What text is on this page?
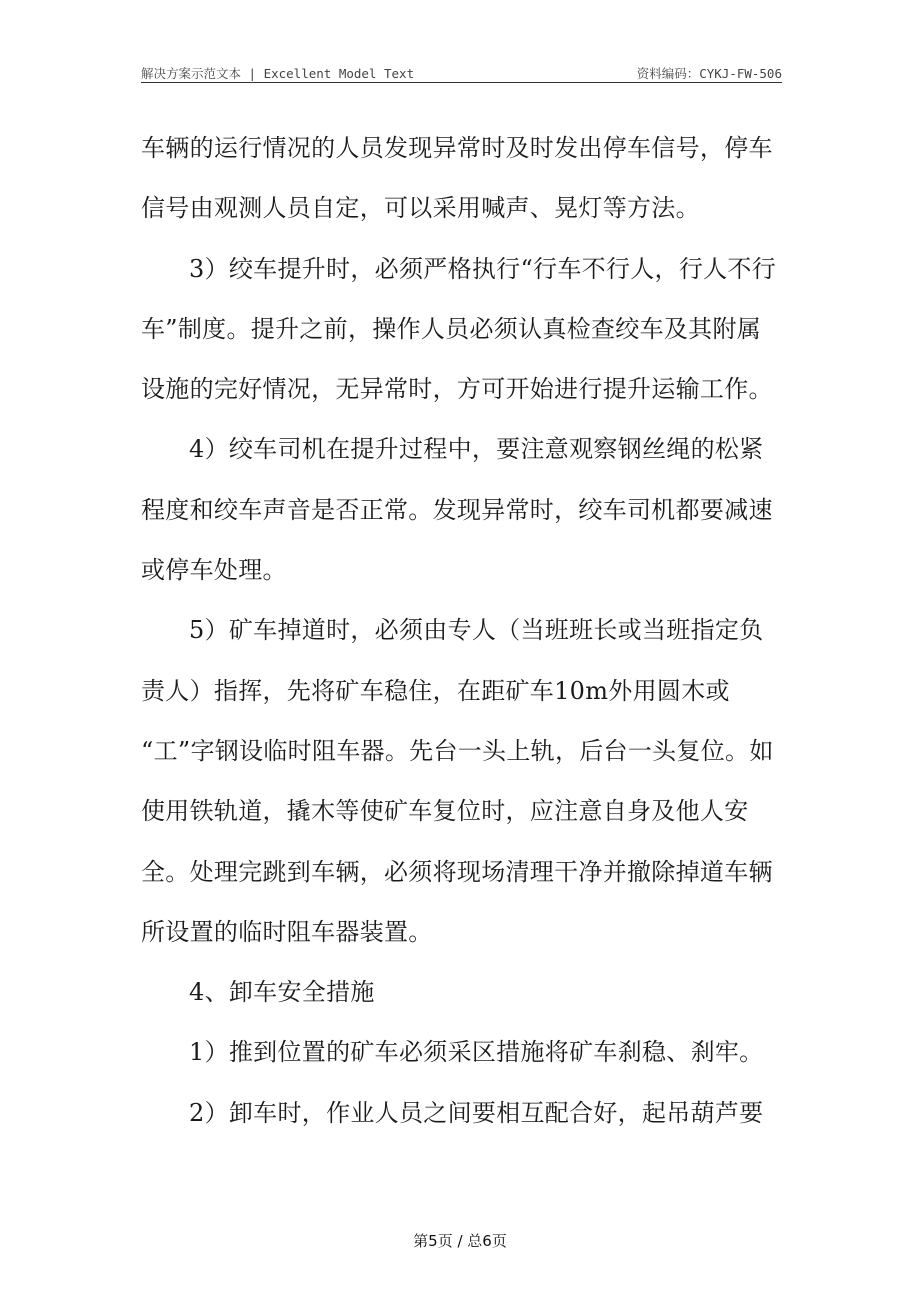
解决方案示范文本 | Excellent Model Text	资料编码：CYKJ-FW-506

车辆的运行情况的人员发现异常时及时发出停车信号，停车信号由观测人员自定，可以采用喊声、晃灯等方法。

3）绞车提升时，必须严格执行“行车不行人，行人不行车”制度。提升之前，操作人员必须认真检查绞车及其附属设施的完好情况，无异常时，方可开始进行提升运输工作。

4）绞车司机在提升过程中，要注意观察钢丝绳的松紧程度和绞车声音是否正常。发现异常时，绞车司机都要减速或停车处理。

5）矿车掉道时，必须由专人（当班班长或当班指定负责人）指挥，先将矿车稳住，在距矿车10m外用圆木或

“工”字钢设临时阻车器。先台一头上轨，后台一头复位。如使用铁轨道，撬木等使矿车复位时，应注意自身及他人安全。处理完跳到车辆，必须将现场清理干净并撤除掉道车辆所设置的临时阻车器装置。

4、卸车安全措施

1）推到位置的矿车必须采区措施将矿车刹稳、刹牢。

2）卸车时，作业人员之间要相互配合好，起吊葫芦要

第5页 / 总6页
